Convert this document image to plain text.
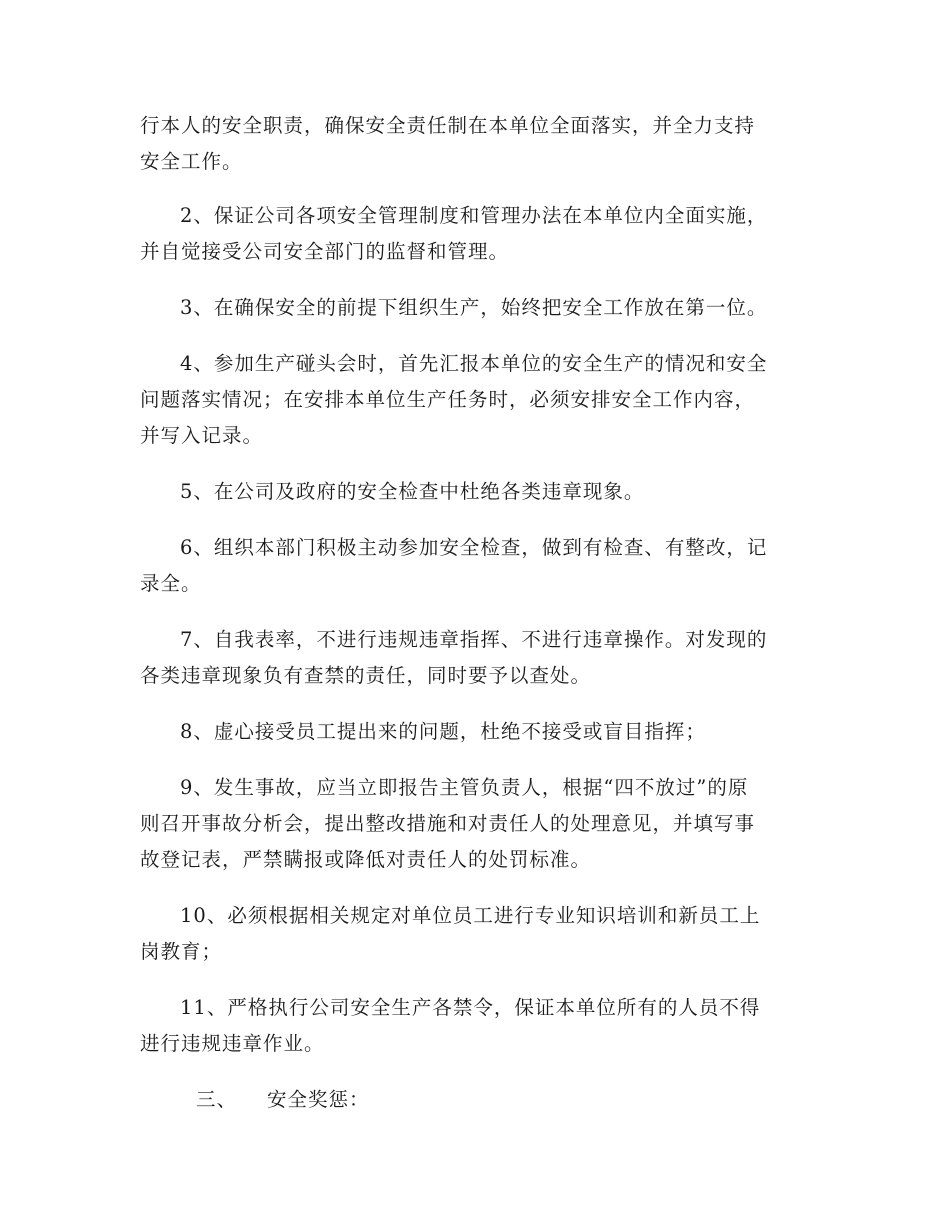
行本人的安全职责，确保安全责任制在本单位全面落实，并全力支持
安全工作。

2、保证公司各项安全管理制度和管理办法在本单位内全面实施，
并自觉接受公司安全部门的监督和管理。

3、在确保安全的前提下组织生产，始终把安全工作放在第一位。

4、参加生产碰头会时，首先汇报本单位的安全生产的情况和安全
问题落实情况；在安排本单位生产任务时，必须安排安全工作内容，
并写入记录。

5、在公司及政府的安全检查中杜绝各类违章现象。

6、组织本部门积极主动参加安全检查，做到有检查、有整改，记
录全。

7、自我表率，不进行违规违章指挥、不进行违章操作。对发现的
各类违章现象负有查禁的责任，同时要予以查处。

8、虚心接受员工提出来的问题，杜绝不接受或盲目指挥；

9、发生事故，应当立即报告主管负责人，根据“四不放过”的原
则召开事故分析会，提出整改措施和对责任人的处理意见，并填写事
故登记表，严禁瞒报或降低对责任人的处罚标准。

10、必须根据相关规定对单位员工进行专业知识培训和新员工上
岗教育；

11、严格执行公司安全生产各禁令，保证本单位所有的人员不得
进行违规违章作业。

三、 安全奖惩：
